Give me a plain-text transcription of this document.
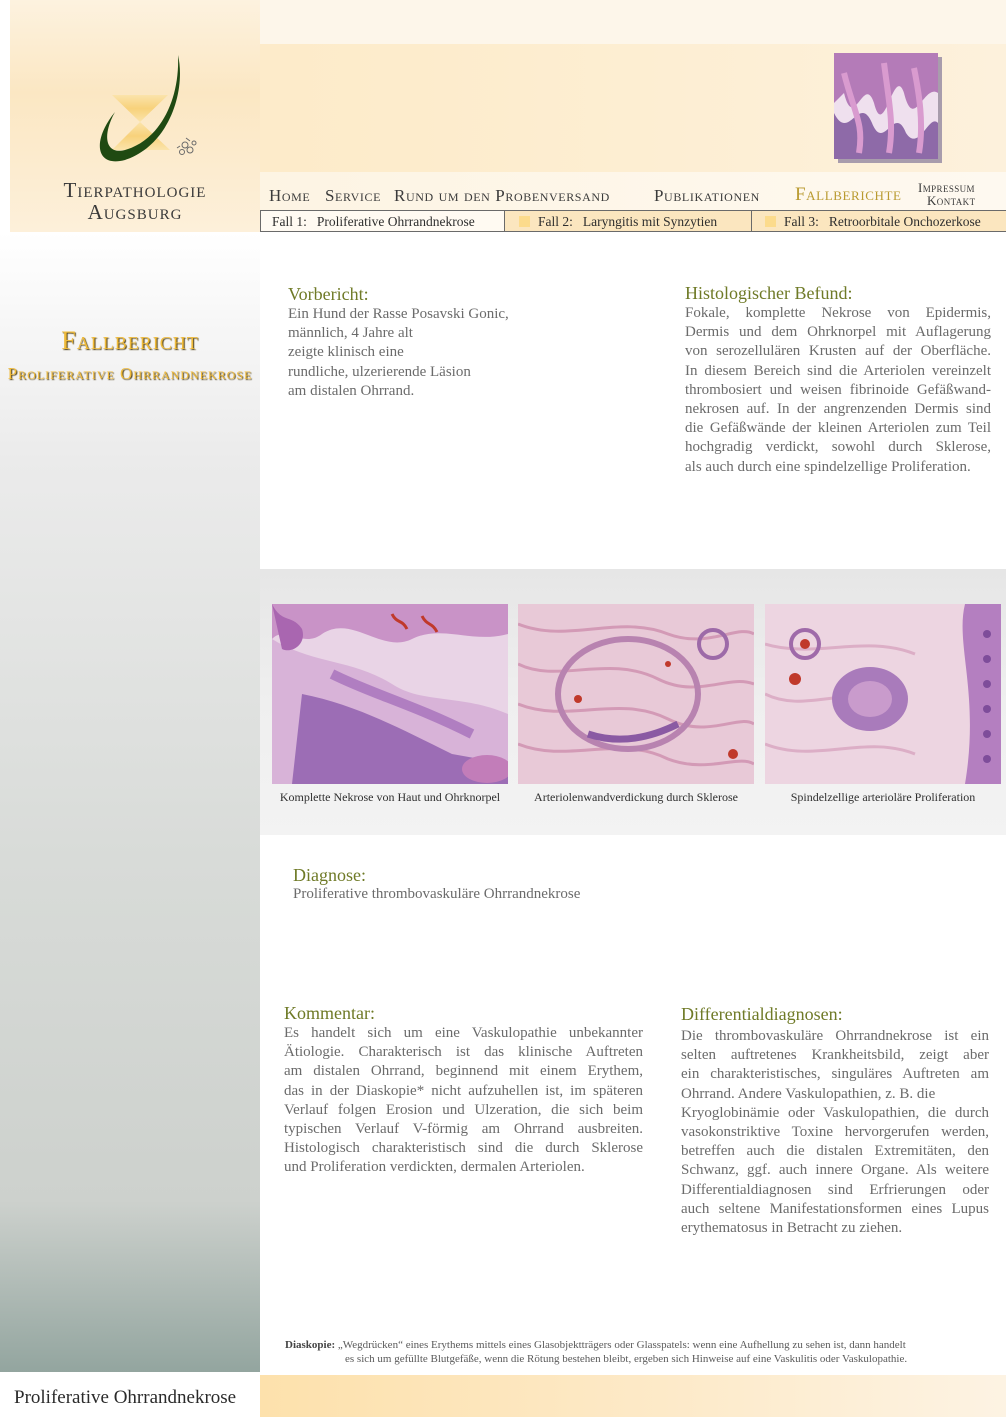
Tierpathologie
Augsburg
Home Service Rund um den Probenversand	Publikationen Fallberichte Impressum
Kontakt
Fall 1: Proliferative Ohrrandnekrose	Fall 2: Laryngitis mit Synzytien	Fall 3: Retroorbitale Onchozerkose
Fallbericht
Proliferative Ohrrandnekrose
Proliferative Ohrrandnekrose
Vorbericht:
Ein Hund der Rasse Posavski Gonic,
männlich, 4 Jahre alt
zeigte klinisch eine
rundliche, ulzerierende Läsion
am distalen Ohrrand.
Histologischer Befund:
Fokale, komplette Nekrose von Epidermis,
Dermis und dem Ohrknorpel mit Auflagerung
von serozellulären Krusten auf der Oberfläche.
In diesem Bereich sind die Arteriolen vereinzelt
thrombosiert und weisen fibrinoide Gefäßwand-
nekrosen auf. In der angrenzenden Dermis sind
die Gefäßwände der kleinen Arteriolen zum Teil
hochgradig verdickt, sowohl durch Sklerose,
als auch durch eine spindelzellige Proliferation.
Komplette Nekrose von Haut und Ohrknorpel	Arteriolenwandverdickung durch Sklerose	Spindelzellige arterioläre Proliferation
Diagnose:
Proliferative thrombovaskuläre Ohrrandnekrose
Kommentar:
Es handelt sich um eine Vaskulopathie unbekannter
Ätiologie. Charakterisch ist das klinische Auftreten
am distalen Ohrrand, beginnend mit einem Erythem,
das in der Diaskopie* nicht aufzuhellen ist, im späteren
Verlauf folgen Erosion und Ulzeration, die sich beim
typischen Verlauf V-förmig am Ohrrand ausbreiten.
Histologisch charakteristisch sind die durch Sklerose
und Proliferation verdickten, dermalen Arteriolen.
Differentialdiagnosen:
Die thrombovaskuläre Ohrrandnekrose ist ein
selten auftretenes Krankheitsbild, zeigt aber
ein charakteristisches, singuläres Auftreten am
Ohrrand. Andere Vaskulopathien, z. B. die
Kryoglobinämie oder Vaskulopathien, die durch
vasokonstriktive Toxine hervorgerufen werden,
betreffen auch die distalen Extremitäten, den
Schwanz, ggf. auch innere Organe. Als weitere
Differentialdiagnosen sind Erfrierungen oder
auch seltene Manifestationsformen eines Lupus
erythematosus in Betracht zu ziehen.
Diaskopie: „Wegdrücken“ eines Erythems mittels eines Glasobjektträgers oder Glasspatels: wenn eine Aufhellung zu sehen ist, dann handelt
es sich um gefüllte Blutgefäße, wenn die Rötung bestehen bleibt, ergeben sich Hinweise auf eine Vaskulitis oder Vaskulopathie.
